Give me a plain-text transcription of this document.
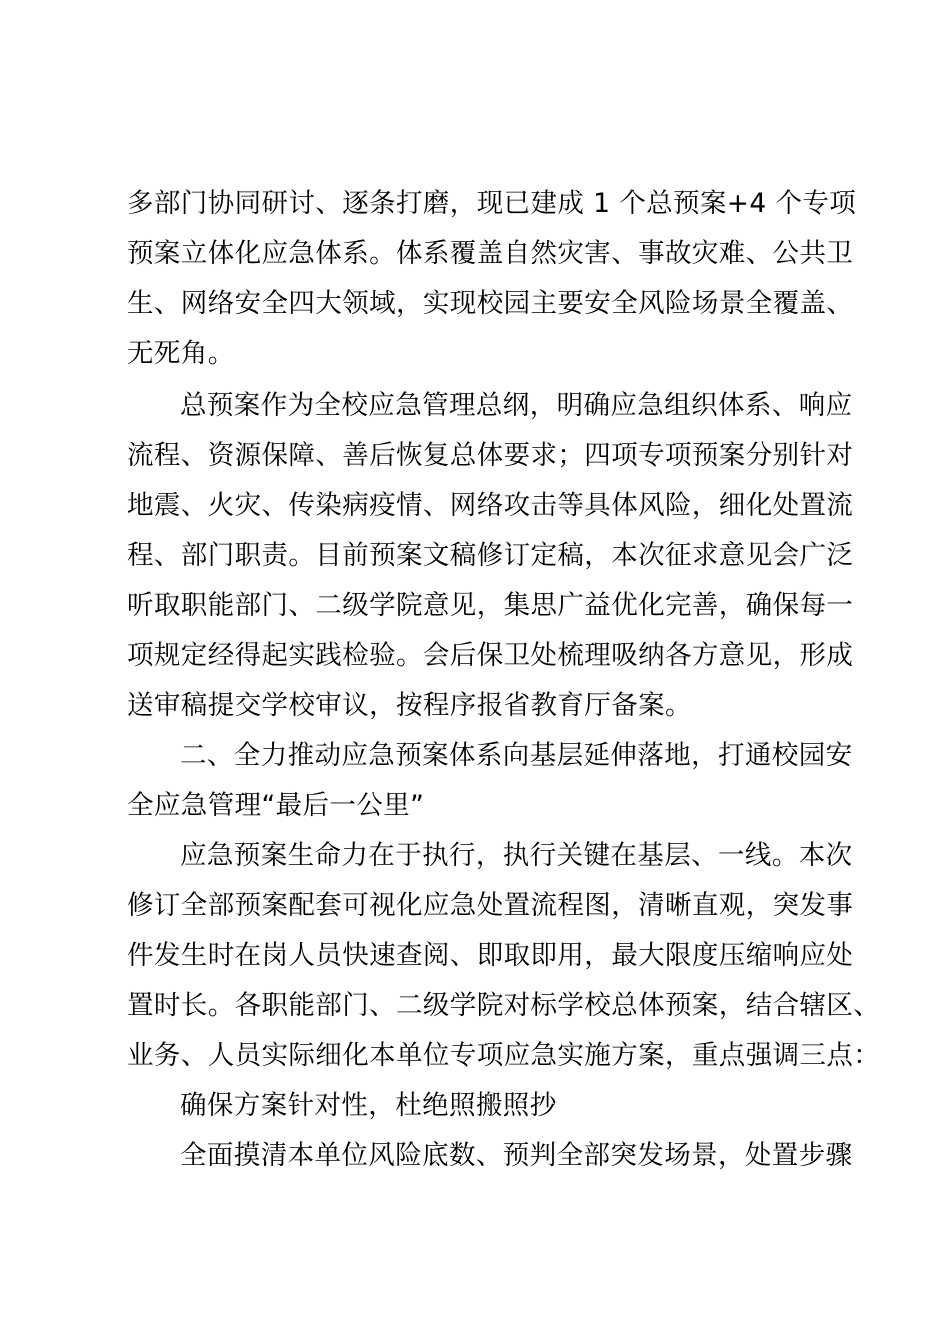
多部门协同研讨、逐条打磨，现已建成 1 个总预案+4 个专项
预案立体化应急体系。体系覆盖自然灾害、事故灾难、公共卫
生、网络安全四大领域，实现校园主要安全风险场景全覆盖、
无死角。
总预案作为全校应急管理总纲，明确应急组织体系、响应
流程、资源保障、善后恢复总体要求；四项专项预案分别针对
地震、火灾、传染病疫情、网络攻击等具体风险，细化处置流
程、部门职责。目前预案文稿修订定稿，本次征求意见会广泛
听取职能部门、二级学院意见，集思广益优化完善，确保每一
项规定经得起实践检验。会后保卫处梳理吸纳各方意见，形成
送审稿提交学校审议，按程序报省教育厅备案。
二、全力推动应急预案体系向基层延伸落地，打通校园安
全应急管理“最后一公里”
应急预案生命力在于执行，执行关键在基层、一线。本次
修订全部预案配套可视化应急处置流程图，清晰直观，突发事
件发生时在岗人员快速查阅、即取即用，最大限度压缩响应处
置时长。各职能部门、二级学院对标学校总体预案，结合辖区、
业务、人员实际细化本单位专项应急实施方案，重点强调三点：
确保方案针对性，杜绝照搬照抄
全面摸清本单位风险底数、预判全部突发场景，处置步骤
